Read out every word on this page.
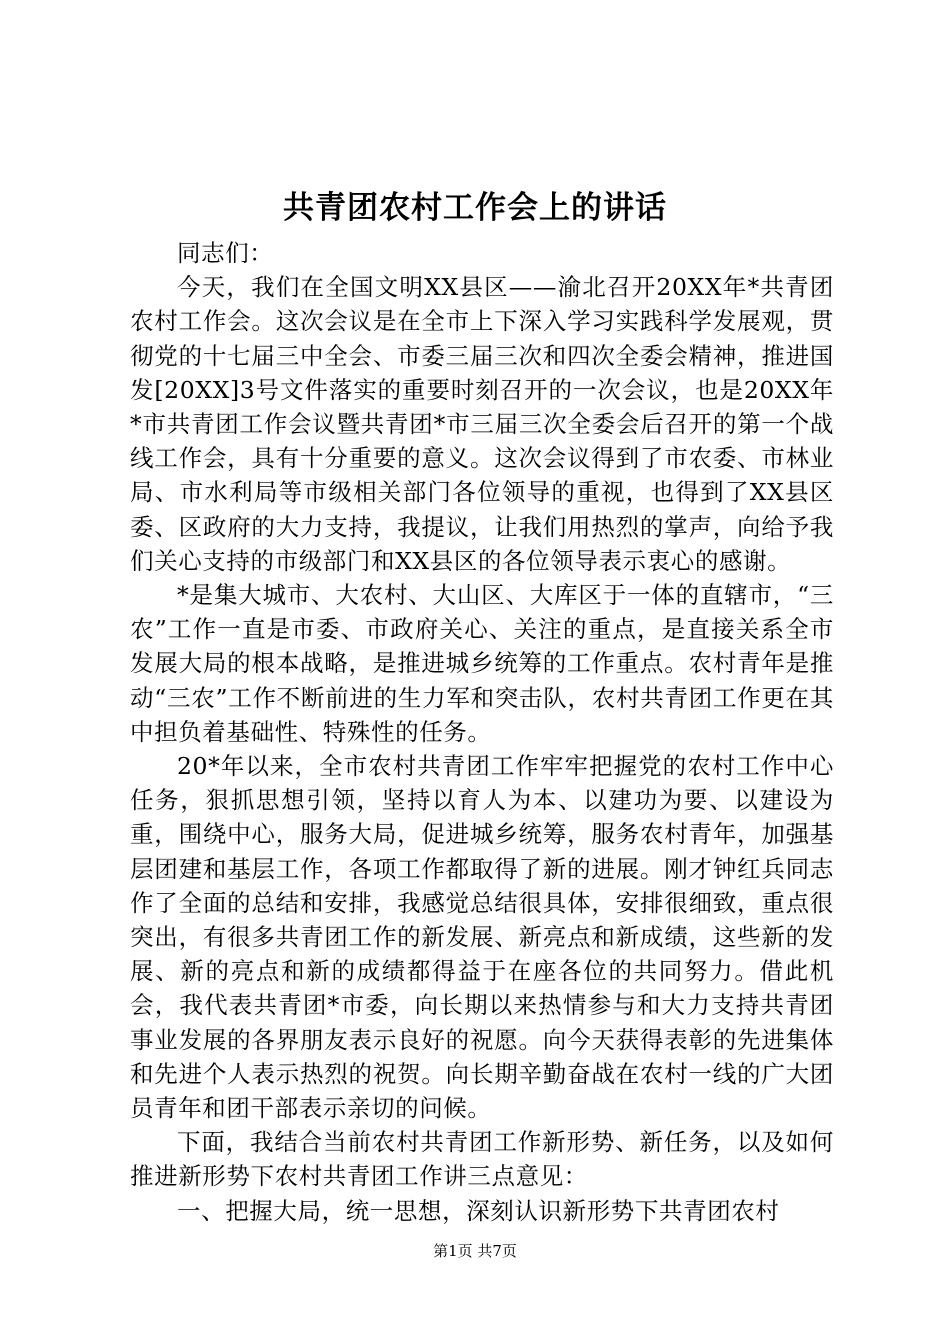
共青团农村工作会上的讲话

同志们：

今天，我们在全国文明XX县区——渝北召开20XX年*共青团农村工作会。这次会议是在全市上下深入学习实践科学发展观，贯彻党的十七届三中全会、市委三届三次和四次全委会精神，推进国发[20XX]3号文件落实的重要时刻召开的一次会议，也是20XX年*市共青团工作会议暨共青团*市三届三次全委会后召开的第一个战线工作会，具有十分重要的意义。这次会议得到了市农委、市林业局、市水利局等市级相关部门各位领导的重视，也得到了XX县区委、区政府的大力支持，我提议，让我们用热烈的掌声，向给予我们关心支持的市级部门和XX县区的各位领导表示衷心的感谢。

*是集大城市、大农村、大山区、大库区于一体的直辖市，“三农”工作一直是市委、市政府关心、关注的重点，是直接关系全市发展大局的根本战略，是推进城乡统筹的工作重点。农村青年是推动“三农”工作不断前进的生力军和突击队，农村共青团工作更在其中担负着基础性、特殊性的任务。

20*年以来，全市农村共青团工作牢牢把握党的农村工作中心任务，狠抓思想引领，坚持以育人为本、以建功为要、以建设为重，围绕中心，服务大局，促进城乡统筹，服务农村青年，加强基层团建和基层工作，各项工作都取得了新的进展。刚才钟红兵同志作了全面的总结和安排，我感觉总结很具体，安排很细致，重点很突出，有很多共青团工作的新发展、新亮点和新成绩，这些新的发展、新的亮点和新的成绩都得益于在座各位的共同努力。借此机会，我代表共青团*市委，向长期以来热情参与和大力支持共青团事业发展的各界朋友表示良好的祝愿。向今天获得表彰的先进集体和先进个人表示热烈的祝贺。向长期辛勤奋战在农村一线的广大团员青年和团干部表示亲切的问候。

下面，我结合当前农村共青团工作新形势、新任务，以及如何推进新形势下农村共青团工作讲三点意见：

一、把握大局，统一思想，深刻认识新形势下共青团农村

第1页 共7页
